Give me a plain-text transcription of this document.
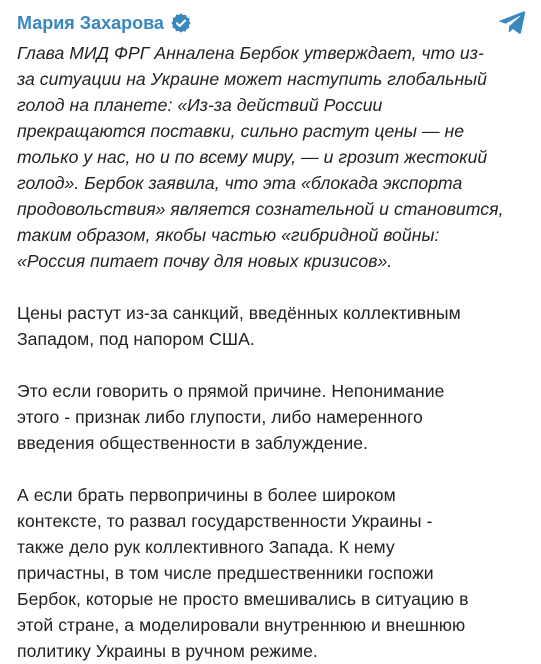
Мария Захарова

Глава МИД ФРГ Анналена Бербок утверждает, что из-
за ситуации на Украине может наступить глобальный
голод на планете: «Из-за действий России
прекращаются поставки, сильно растут цены — не
только у нас, но и по всему миру, — и грозит жестокий
голод». Бербок заявила, что эта «блокада экспорта
продовольствия» является сознательной и становится,
таким образом, якобы частью «гибридной войны:
«Россия питает почву для новых кризисов».

Цены растут из-за санкций, введённых коллективным
Западом, под напором США.

Это если говорить о прямой причине. Непонимание
этого - признак либо глупости, либо намеренного
введения общественности в заблуждение.

А если брать первопричины в более широком
контексте, то развал государственности Украины -
также дело рук коллективного Запада. К нему
причастны, в том числе предшественники госпожи
Бербок, которые не просто вмешивались в ситуацию в
этой стране, а моделировали внутреннюю и внешнюю
политику Украины в ручном режиме.
